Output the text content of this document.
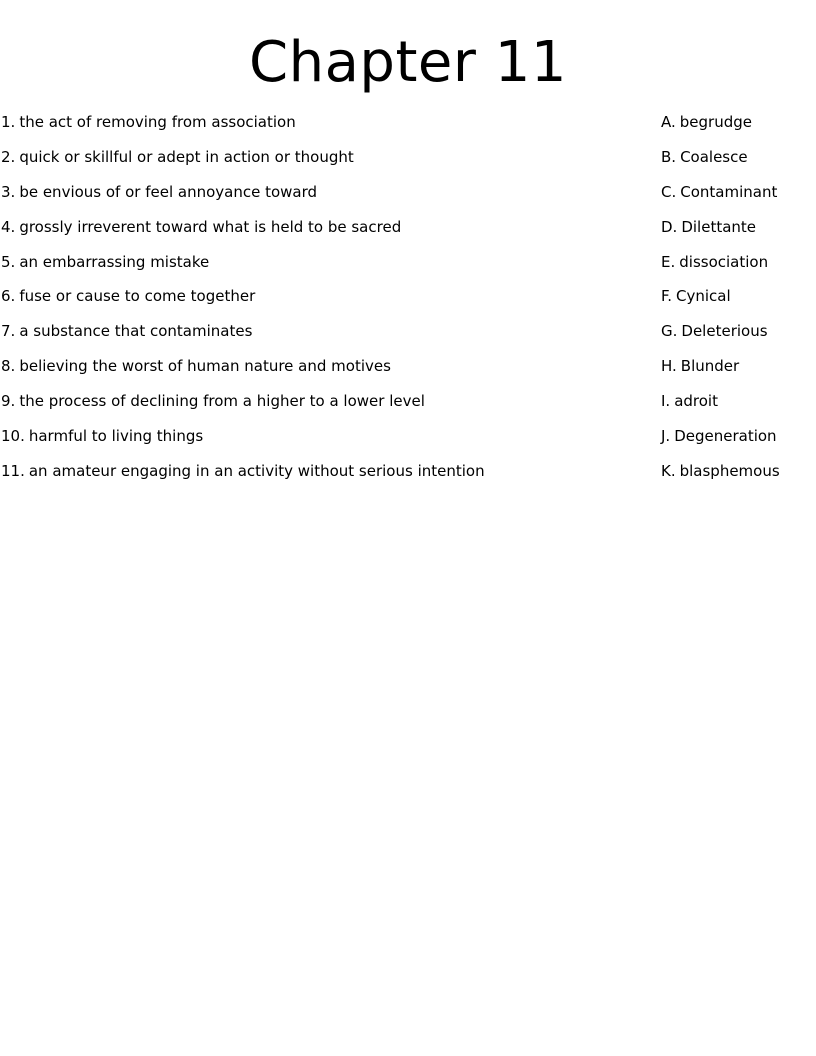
Chapter 11
1. the act of removing from association
2. quick or skillful or adept in action or thought
3. be envious of or feel annoyance toward
4. grossly irreverent toward what is held to be sacred
5. an embarrassing mistake
6. fuse or cause to come together
7. a substance that contaminates
8. believing the worst of human nature and motives
9. the process of declining from a higher to a lower level
10. harmful to living things
11. an amateur engaging in an activity without serious intention
A. begrudge
B. Coalesce
C. Contaminant
D. Dilettante
E. dissociation
F. Cynical
G. Deleterious
H. Blunder
I. adroit
J. Degeneration
K. blasphemous
